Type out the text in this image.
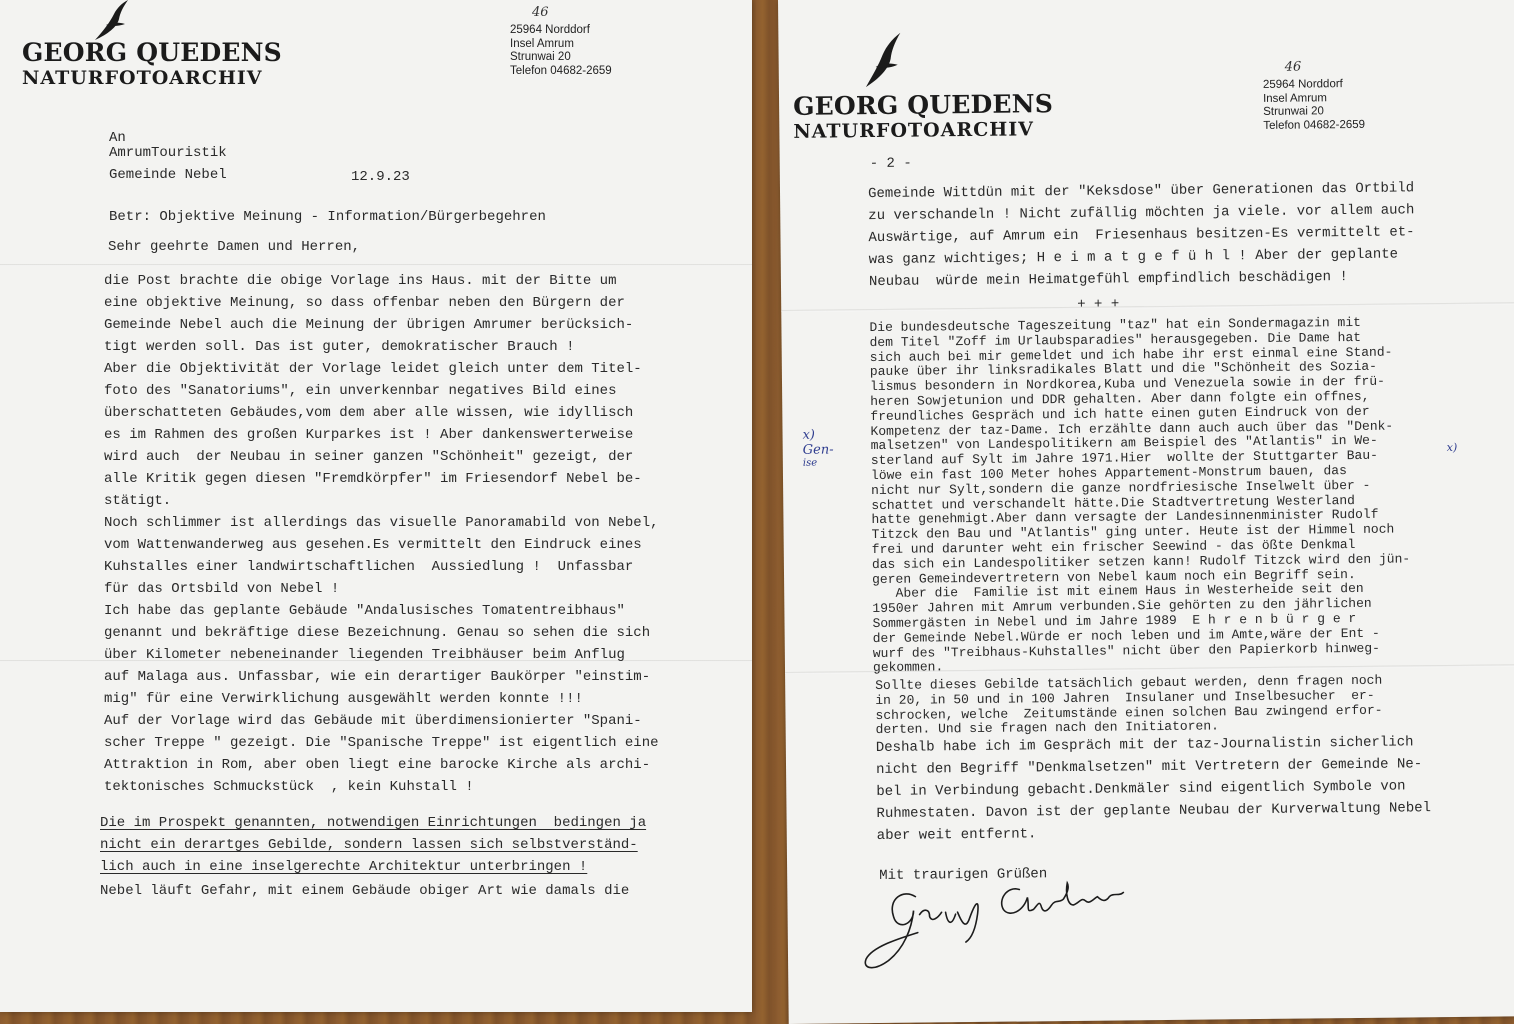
GEORG QUEDENS
NATURFOTOARCHIV
46
25964 Norddorf
Insel Amrum
Strunwai 20
Telefon 04682-2659
An
AmrumTouristik
Gemeinde Nebel	12.9.23
Betr: Objektive Meinung - Information/Bürgerbegehren
Sehr geehrte Damen und Herren,
die Post brachte die obige Vorlage ins Haus. mit der Bitte um
eine objektive Meinung, so dass offenbar neben den Bürgern der
Gemeinde Nebel auch die Meinung der übrigen Amrumer berücksich-
tigt werden soll. Das ist guter, demokratischer Brauch !
Aber die Objektivität der Vorlage leidet gleich unter dem Titel-
foto des "Sanatoriums", ein unverkennbar negatives Bild eines
überschatteten Gebäudes,vom dem aber alle wissen, wie idyllisch
es im Rahmen des großen Kurparkes ist ! Aber dankenswerterweise
wird auch  der Neubau in seiner ganzen "Schönheit" gezeigt, der
alle Kritik gegen diesen "Fremdkörpfer" im Friesendorf Nebel be-
stätigt.
Noch schlimmer ist allerdings das visuelle Panoramabild von Nebel,
vom Wattenwanderweg aus gesehen.Es vermittelt den Eindruck eines
Kuhstalles einer landwirtschaftlichen  Aussiedlung !  Unfassbar
für das Ortsbild von Nebel !
Ich habe das geplante Gebäude "Andalusisches Tomatentreibhaus"
genannt und bekräftige diese Bezeichnung. Genau so sehen die sich
über Kilometer nebeneinander liegenden Treibhäuser beim Anflug
auf Malaga aus. Unfassbar, wie ein derartiger Baukörper "einstim-
mig" für eine Verwirklichung ausgewählt werden konnte !!!
Auf der Vorlage wird das Gebäude mit überdimensionierter "Spani-
scher Treppe " gezeigt. Die "Spanische Treppe" ist eigentlich eine
Attraktion in Rom, aber oben liegt eine barocke Kirche als archi-
tektonisches Schmuckstück  , kein Kuhstall !
Die im Prospekt genannten, notwendigen Einrichtungen  bedingen ja
nicht ein derartges Gebilde, sondern lassen sich selbstverständ-
lich auch in eine inselgerechte Architektur unterbringen !
Nebel läuft Gefahr, mit einem Gebäude obiger Art wie damals die
GEORG QUEDENS
NATURFOTOARCHIV
46
25964 Norddorf
Insel Amrum
Strunwai 20
Telefon 04682-2659
- 2 -
Gemeinde Wittdün mit der "Keksdose" über Generationen das Ortbild
zu verschandeln ! Nicht zufällig möchten ja viele. vor allem auch
Auswärtige, auf Amrum ein  Friesenhaus besitzen-Es vermittelt et-
was ganz wichtiges; H e i m a t g e f ü h l ! Aber der geplante
Neubau  würde mein Heimatgefühl empfindlich beschädigen !
+ + +
Die bundesdeutsche Tageszeitung "taz" hat ein Sondermagazin mit
dem Titel "Zoff im Urlaubsparadies" herausgegeben. Die Dame hat
sich auch bei mir gemeldet und ich habe ihr erst einmal eine Stand-
pauke über ihr linksradikales Blatt und die "Schönheit des Sozia-
lismus besondern in Nordkorea,Kuba und Venezuela sowie in der frü-
heren Sowjetunion und DDR gehalten. Aber dann folgte ein offnes,
freundliches Gespräch und ich hatte einen guten Eindruck von der
Kompetenz der taz-Dame. Ich erzählte dann auch auch über das "Denk-
malsetzen" von Landespolitikern am Beispiel des "Atlantis" in We-
sterland auf Sylt im Jahre 1971.Hier  wollte der Stuttgarter Bau-
löwe ein fast 100 Meter hohes Appartement-Monstrum bauen, das
nicht nur Sylt,sondern die ganze nordfriesische Inselwelt über -
schattet und verschandelt hätte.Die Stadtvertretung Westerland
hatte genehmigt.Aber dann versagte der Landesinnenminister Rudolf
Titzck den Bau und "Atlantis" ging unter. Heute ist der Himmel noch
frei und darunter weht ein frischer Seewind - das ößte Denkmal
das sich ein Landespolitiker setzen kann! Rudolf Titzck wird den jün-
geren Gemeindevertretern von Nebel kaum noch ein Begriff sein.
Aber die  Familie ist mit einem Haus in Westerheide seit den
1950er Jahren mit Amrum verbunden.Sie gehörten zu den jährlichen
Sommergästen in Nebel und im Jahre 1989  E h r e n b ü r g e r
der Gemeinde Nebel.Würde er noch leben und im Amte,wäre der Ent -
wurf des "Treibhaus-Kuhstalles" nicht über den Papierkorb hinweg-
gekommen.
Sollte dieses Gebilde tatsächlich gebaut werden, denn fragen noch
in 20, in 50 und in 100 Jahren  Insulaner und Inselbesucher  er-
schrocken, welche  Zeitumstände einen solchen Bau zwingend erfor-
derten. Und sie fragen nach den Initiatoren.
Deshalb habe ich im Gespräch mit der taz-Journalistin sicherlich
nicht den Begriff "Denkmalsetzen" mit Vertretern der Gemeinde Ne-
bel in Verbindung gebacht.Denkmäler sind eigentlich Symbole von
Ruhmestaten. Davon ist der geplante Neubau der Kurverwaltung Nebel
aber weit entfernt.
Mit traurigen Grüßen
x)
Gen-
ise
x)
